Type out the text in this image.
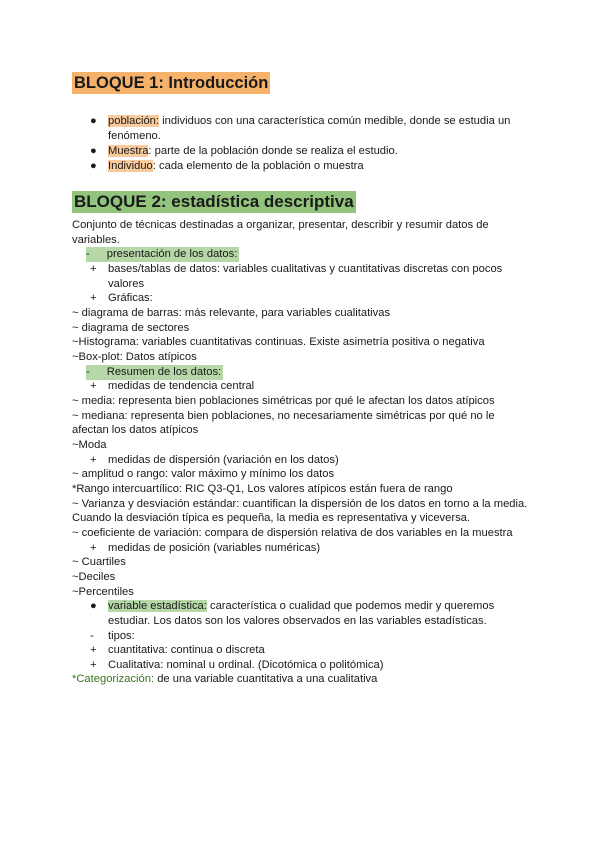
BLOQUE 1: Introducción
● población: individuos con una característica común medible, donde se estudia un
fenómeno.
● Muestra: parte de la población donde se realiza el estudio.
● Individuo: cada elemento de la población o muestra
BLOQUE 2: estadística descriptiva
Conjunto de técnicas destinadas a organizar, presentar, describir y resumir datos de
variables.
- presentación de los datos:
+ bases/tablas de datos: variables cualitativas y cuantitativas discretas con pocos
valores
+ Gráficas:
~ diagrama de barras: más relevante, para variables cualitativas
~ diagrama de sectores
~Histograma: variables cuantitativas continuas. Existe asimetría positiva o negativa
~Box-plot: Datos atípicos
- Resumen de los datos:
+ medidas de tendencia central
~ media: representa bien poblaciones simétricas por qué le afectan los datos atípicos
~ mediana: representa bien poblaciones, no necesariamente simétricas por qué no le
afectan los datos atípicos
~Moda
+ medidas de dispersión (variación en los datos)
~ amplitud o rango: valor máximo y mínimo los datos
*Rango intercuartílico: RIC Q3-Q1, Los valores atípicos están fuera de rango
~ Varianza y desviación estándar: cuantifican la dispersión de los datos en torno a la media.
Cuando la desviación típica es pequeña, la media es representativa y viceversa.
~ coeficiente de variación: compara de dispersión relativa de dos variables en la muestra
+ medidas de posición (variables numéricas)
~ Cuartiles
~Deciles
~Percentiles
● variable estadística: característica o cualidad que podemos medir y queremos
estudiar. Los datos son los valores observados en las variables estadísticas.
- tipos:
+ cuantitativa: continua o discreta
+ Cualitativa: nominal u ordinal. (Dicotómica o politómica)
*Categorización: de una variable cuantitativa a una cualitativa
